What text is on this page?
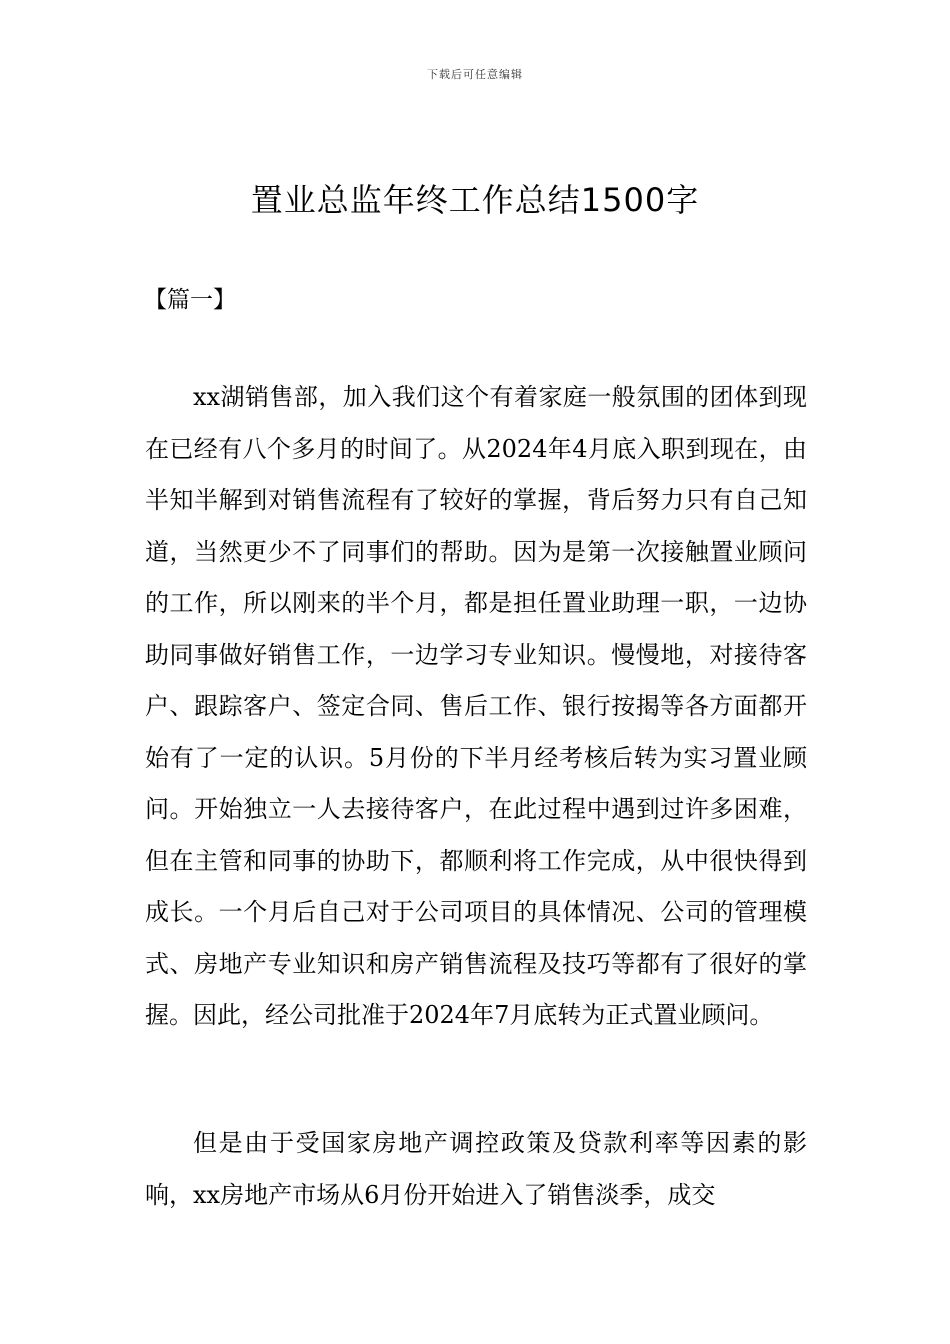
下载后可任意编辑
置业总监年终工作总结1500字
【篇一】

xx湖销售部，加入我们这个有着家庭一般氛围的团体到现在已经有八个多月的时间了。从2024年4月底入职到现在，由半知半解到对销售流程有了较好的掌握，背后努力只有自己知道，当然更少不了同事们的帮助。因为是第一次接触置业顾问的工作，所以刚来的半个月，都是担任置业助理一职，一边协助同事做好销售工作，一边学习专业知识。慢慢地，对接待客户、跟踪客户、签定合同、售后工作、银行按揭等各方面都开始有了一定的认识。5月份的下半月经考核后转为实习置业顾问。开始独立一人去接待客户，在此过程中遇到过许多困难，但在主管和同事的协助下，都顺利将工作完成，从中很快得到成长。一个月后自己对于公司项目的具体情况、公司的管理模式、房地产专业知识和房产销售流程及技巧等都有了很好的掌握。因此，经公司批准于2024年7月底转为正式置业顾问。

但是由于受国家房地产调控政策及贷款利率等因素的影响，xx房地产市场从6月份开始进入了销售淡季，成交
